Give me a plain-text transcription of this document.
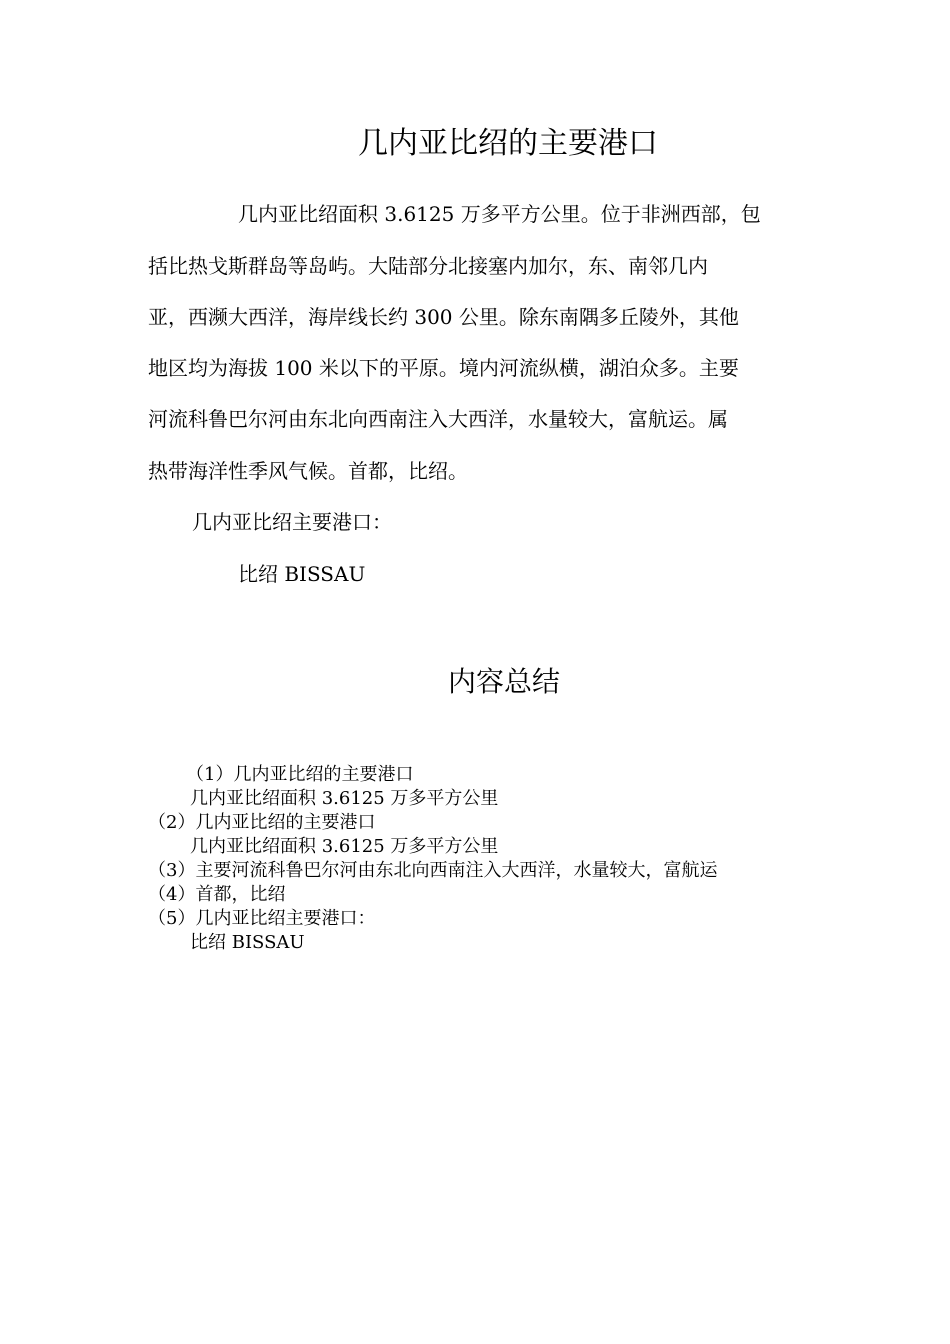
几内亚比绍的主要港口
几内亚比绍面积 3.6125 万多平方公里。位于非洲西部，包
括比热戈斯群岛等岛屿。大陆部分北接塞内加尔，东、南邻几内
亚，西濒大西洋，海岸线长约 300 公里。除东南隅多丘陵外，其他
地区均为海拔 100 米以下的平原。境内河流纵横，湖泊众多。主要
河流科鲁巴尔河由东北向西南注入大西洋，水量较大，富航运。属
热带海洋性季风气候。首都，比绍。
几内亚比绍主要港口：
比绍 BISSAU
内容总结
（1）几内亚比绍的主要港口
几内亚比绍面积 3.6125 万多平方公里
（2）几内亚比绍的主要港口
几内亚比绍面积 3.6125 万多平方公里
（3）主要河流科鲁巴尔河由东北向西南注入大西洋，水量较大，富航运
（4）首都，比绍
（5）几内亚比绍主要港口：
比绍 BISSAU
